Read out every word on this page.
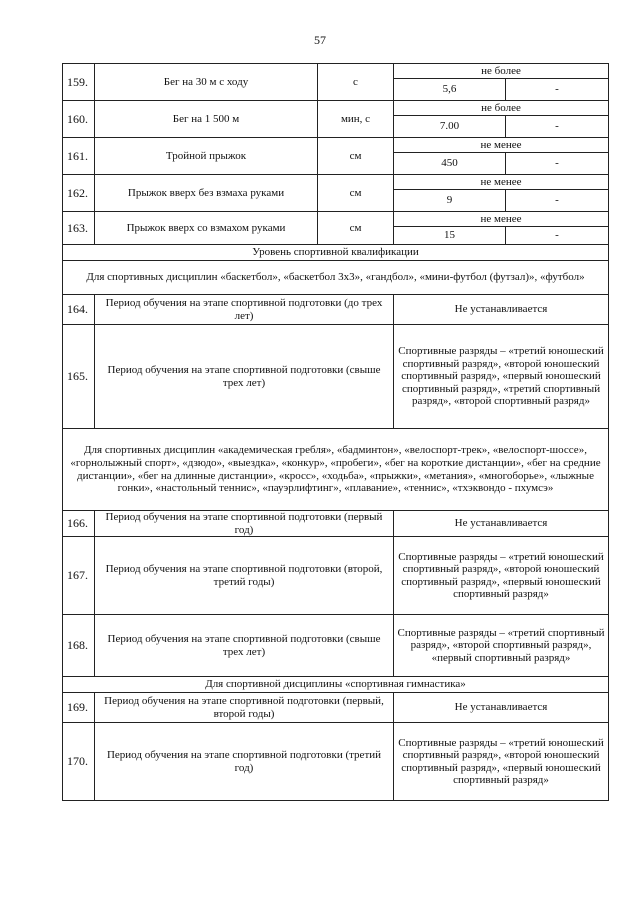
57
159.	Бег на 30 м с ходу	с	не более	
			5,6	-
160.	Бег на 1 500 м	мин, с	не более	
			7.00	-
161.	Тройной прыжок	см	не менее	
			450	-
162.	Прыжок вверх без взмаха руками	см	не менее	
			9	-
163.	Прыжок вверх со взмахом руками	см	не менее	
			15	-
Уровень спортивной квалификации				
Для спортивных дисциплин «баскетбол», «баскетбол 3х3», «гандбол», «мини-футбол (футзал)», «футбол»				
164.	Период обучения на этапе спортивной подготовки (до трех лет)		Не устанавливается	
165.	Период обучения на этапе спортивной подготовки (свыше трех лет)		Спортивные разряды – «третий юношеский спортивный разряд», «второй юношеский спортивный разряд», «первый юношеский спортивный разряд», «третий спортивный разряд», «второй спортивный разряд»	
Для спортивных дисциплин «академическая гребля», «бадминтон», «велоспорт-трек», «велоспорт-шоссе», «горнолыжный спорт», «дзюдо», «выездка», «конкур», «пробеги», «бег на короткие дистанции», «бег на средние дистанции», «бег на длинные дистанции», «кросс», «ходьба», «прыжки», «метания», «многоборье», «лыжные гонки», «настольный теннис», «пауэрлифтинг», «плавание», «теннис», «тхэквондо - пхумсэ»				
166.	Период обучения на этапе спортивной подготовки (первый год)		Не устанавливается	
167.	Период обучения на этапе спортивной подготовки (второй, третий годы)		Спортивные разряды – «третий юношеский спортивный разряд», «второй юношеский спортивный разряд», «первый юношеский спортивный разряд»	
168.	Период обучения на этапе спортивной подготовки (свыше трех лет)		Спортивные разряды – «третий спортивный разряд», «второй спортивный разряд», «первый спортивный разряд»	
Для спортивной дисциплины «спортивная гимнастика»				
169.	Период обучения на этапе спортивной подготовки (первый, второй годы)		Не устанавливается	
170.	Период обучения на этапе спортивной подготовки (третий год)		Спортивные разряды – «третий юношеский спортивный разряд», «второй юношеский спортивный разряд», «первый юношеский спортивный разряд»	
